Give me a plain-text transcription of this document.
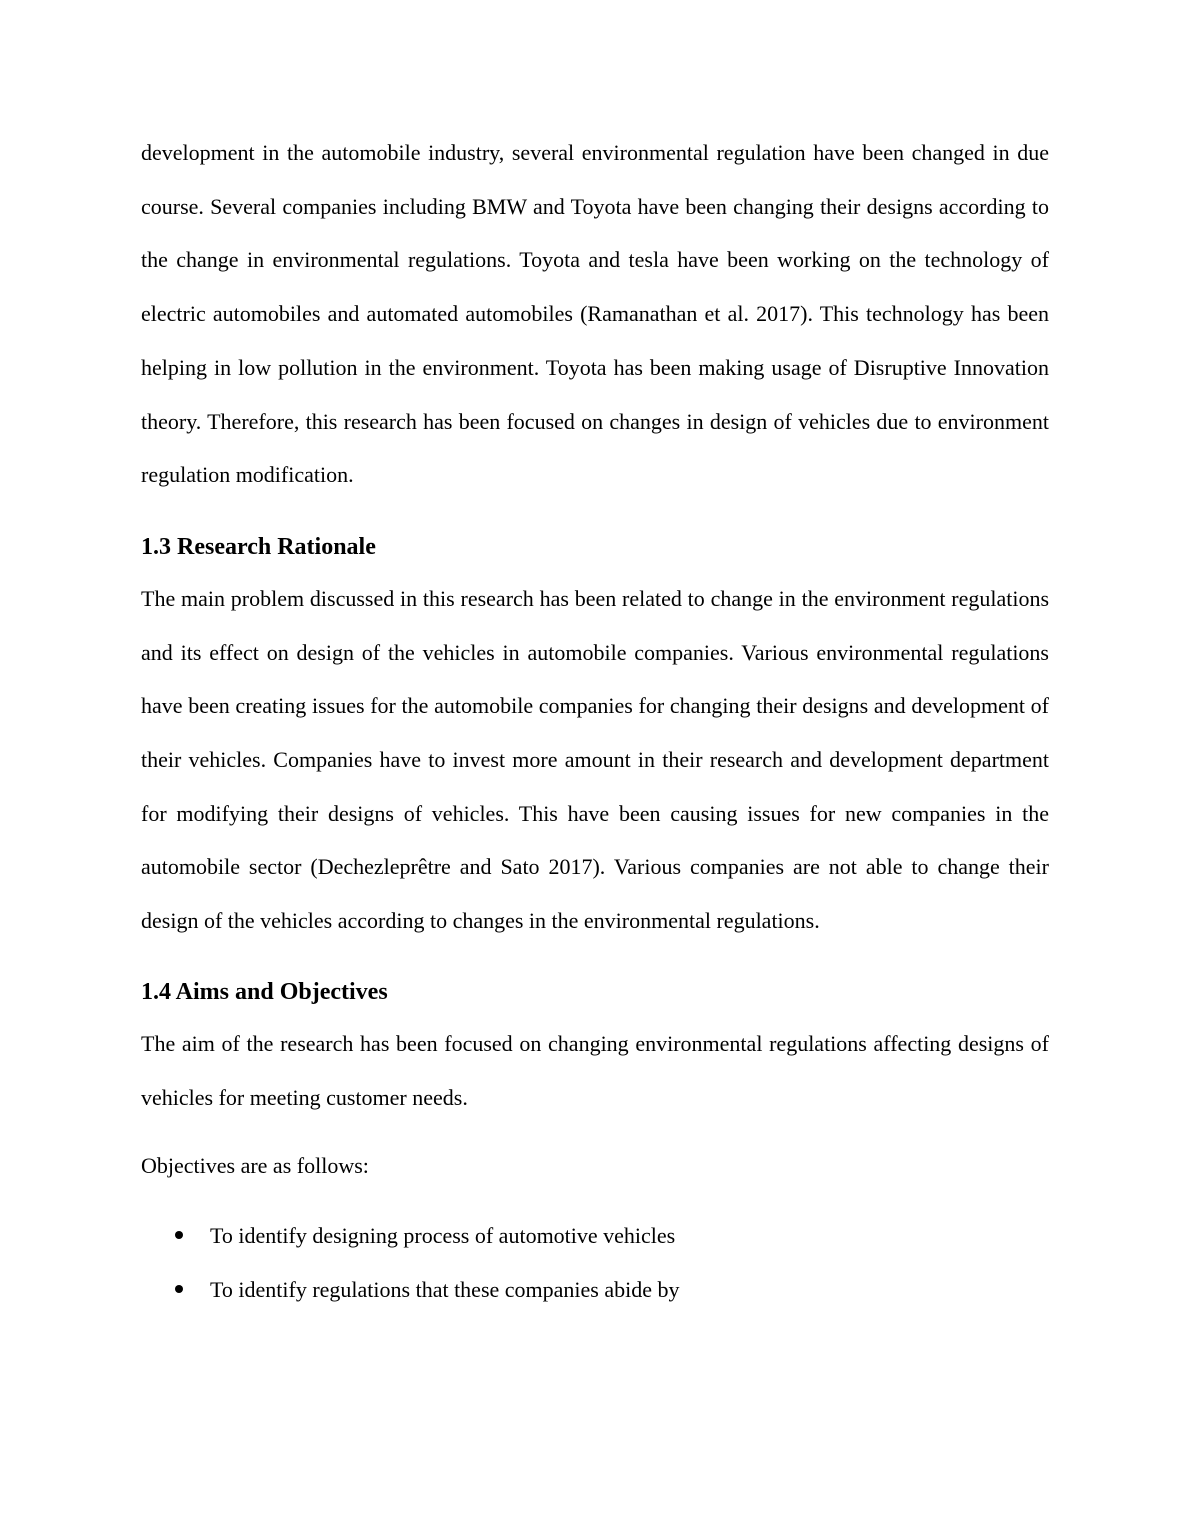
development in the automobile industry, several environmental regulation have been changed in due course. Several companies including BMW and Toyota have been changing their designs according to the change in environmental regulations. Toyota and tesla have been working on the technology of electric automobiles and automated automobiles (Ramanathan et al. 2017). This technology has been helping in low pollution in the environment. Toyota has been making usage of Disruptive Innovation theory. Therefore, this research has been focused on changes in design of vehicles due to environment regulation modification.

1.3 Research Rationale

The main problem discussed in this research has been related to change in the environment regulations and its effect on design of the vehicles in automobile companies. Various environmental regulations have been creating issues for the automobile companies for changing their designs and development of their vehicles. Companies have to invest more amount in their research and development department for modifying their designs of vehicles. This have been causing issues for new companies in the automobile sector (Dechezleprêtre and Sato 2017). Various companies are not able to change their design of the vehicles according to changes in the environmental regulations.

1.4 Aims and Objectives

The aim of the research has been focused on changing environmental regulations affecting designs of vehicles for meeting customer needs.

Objectives are as follows:

To identify designing process of automotive vehicles
To identify regulations that these companies abide by
